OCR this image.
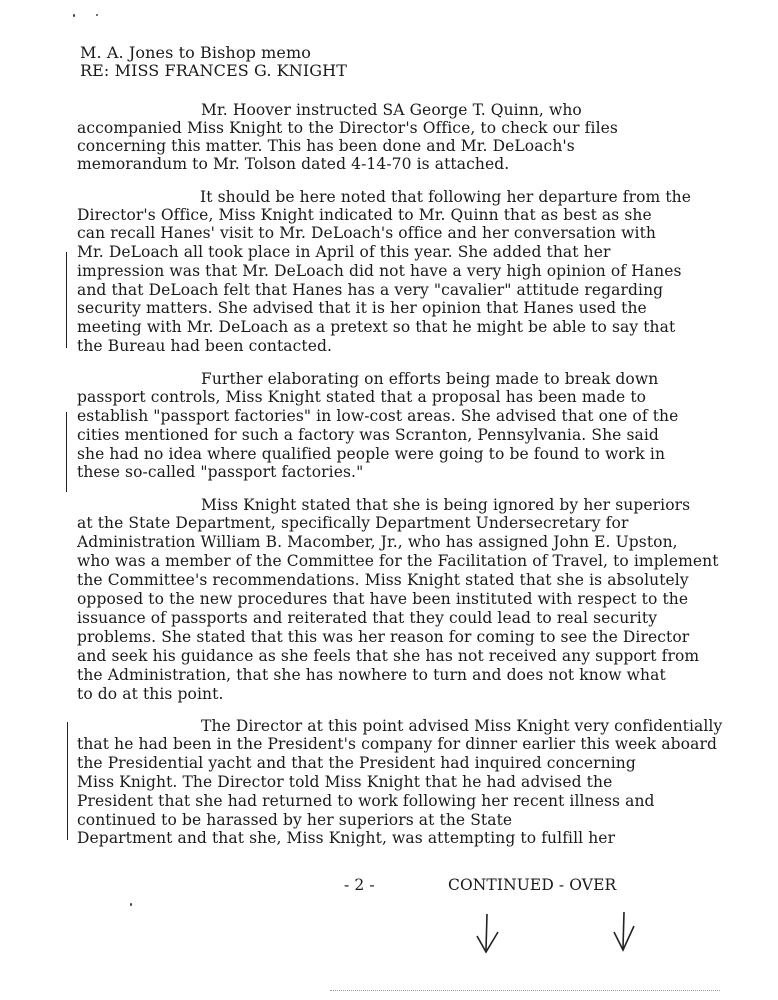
M. A. Jones to Bishop memo
RE: MISS FRANCES G. KNIGHT
Mr. Hoover instructed SA George T. Quinn, who
accompanied Miss Knight to the Director's Office, to check our files
concerning this matter. This has been done and Mr. DeLoach's
memorandum to Mr. Tolson dated 4-14-70 is attached.
It should be here noted that following her departure from the
Director's Office, Miss Knight indicated to Mr. Quinn that as best as she
can recall Hanes' visit to Mr. DeLoach's office and her conversation with
Mr. DeLoach all took place in April of this year. She added that her
impression was that Mr. DeLoach did not have a very high opinion of Hanes
and that DeLoach felt that Hanes has a very "cavalier" attitude regarding
security matters. She advised that it is her opinion that Hanes used the
meeting with Mr. DeLoach as a pretext so that he might be able to say that
the Bureau had been contacted.
Further elaborating on efforts being made to break down
passport controls, Miss Knight stated that a proposal has been made to
establish "passport factories" in low-cost areas. She advised that one of the
cities mentioned for such a factory was Scranton, Pennsylvania. She said
she had no idea where qualified people were going to be found to work in
these so-called "passport factories."
Miss Knight stated that she is being ignored by her superiors
at the State Department, specifically Department Undersecretary for
Administration William B. Macomber, Jr., who has assigned John E. Upston,
who was a member of the Committee for the Facilitation of Travel, to implement
the Committee's recommendations. Miss Knight stated that she is absolutely
opposed to the new procedures that have been instituted with respect to the
issuance of passports and reiterated that they could lead to real security
problems. She stated that this was her reason for coming to see the Director
and seek his guidance as she feels that she has not received any support from
the Administration, that she has nowhere to turn and does not know what
to do at this point.
The Director at this point advised Miss Knight very confidentially
that he had been in the President's company for dinner earlier this week aboard
the Presidential yacht and that the President had inquired concerning
Miss Knight. The Director told Miss Knight that he had advised the
President that she had returned to work following her recent illness and
continued to be harassed by her superiors at the State
Department and that she, Miss Knight, was attempting to fulfill her
- 2 -	CONTINUED - OVER
